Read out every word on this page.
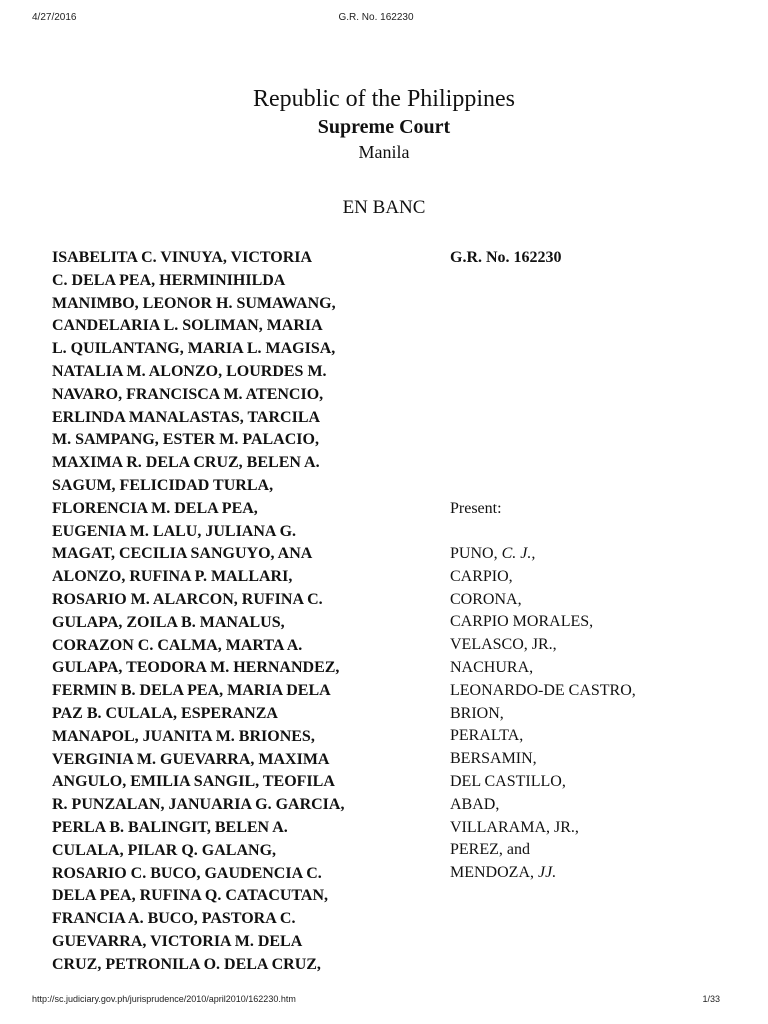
4/27/2016	G.R. No. 162230
Republic of the Philippines
Supreme Court
Manila
EN BANC
ISABELITA C. VINUYA, VICTORIA
C. DELA PEA, HERMINIHILDA
MANIMBO, LEONOR H. SUMAWANG,
CANDELARIA L. SOLIMAN, MARIA
L. QUILANTANG, MARIA L. MAGISA,
NATALIA M. ALONZO, LOURDES M.
NAVARO, FRANCISCA M. ATENCIO,
ERLINDA MANALASTAS, TARCILA
M. SAMPANG, ESTER M. PALACIO,
MAXIMA R. DELA CRUZ, BELEN A.
SAGUM, FELICIDAD TURLA,
FLORENCIA M. DELA PEA,
EUGENIA M. LALU, JULIANA G.
MAGAT, CECILIA SANGUYO, ANA
ALONZO, RUFINA P. MALLARI,
ROSARIO M. ALARCON, RUFINA C.
GULAPA, ZOILA B. MANALUS,
CORAZON C. CALMA, MARTA A.
GULAPA, TEODORA M. HERNANDEZ,
FERMIN B. DELA PEA, MARIA DELA
PAZ B. CULALA, ESPERANZA
MANAPOL, JUANITA M. BRIONES,
VERGINIA M. GUEVARRA, MAXIMA
ANGULO, EMILIA SANGIL, TEOFILA
R. PUNZALAN, JANUARIA G. GARCIA,
PERLA B. BALINGIT, BELEN A.
CULALA, PILAR Q. GALANG,
ROSARIO C. BUCO, GAUDENCIA C.
DELA PEA, RUFINA Q. CATACUTAN,
FRANCIA A. BUCO, PASTORA C.
GUEVARRA, VICTORIA M. DELA
CRUZ, PETRONILA O. DELA CRUZ,
G.R. No. 162230
Present:
PUNO, C. J.,
CARPIO,
CORONA,
CARPIO MORALES,
VELASCO, JR.,
NACHURA,
LEONARDO-DE CASTRO,
BRION,
PERALTA,
BERSAMIN,
DEL CASTILLO,
ABAD,
VILLARAMA, JR.,
PEREZ, and
MENDOZA, JJ.
http://sc.judiciary.gov.ph/jurisprudence/2010/april2010/162230.htm	1/33
